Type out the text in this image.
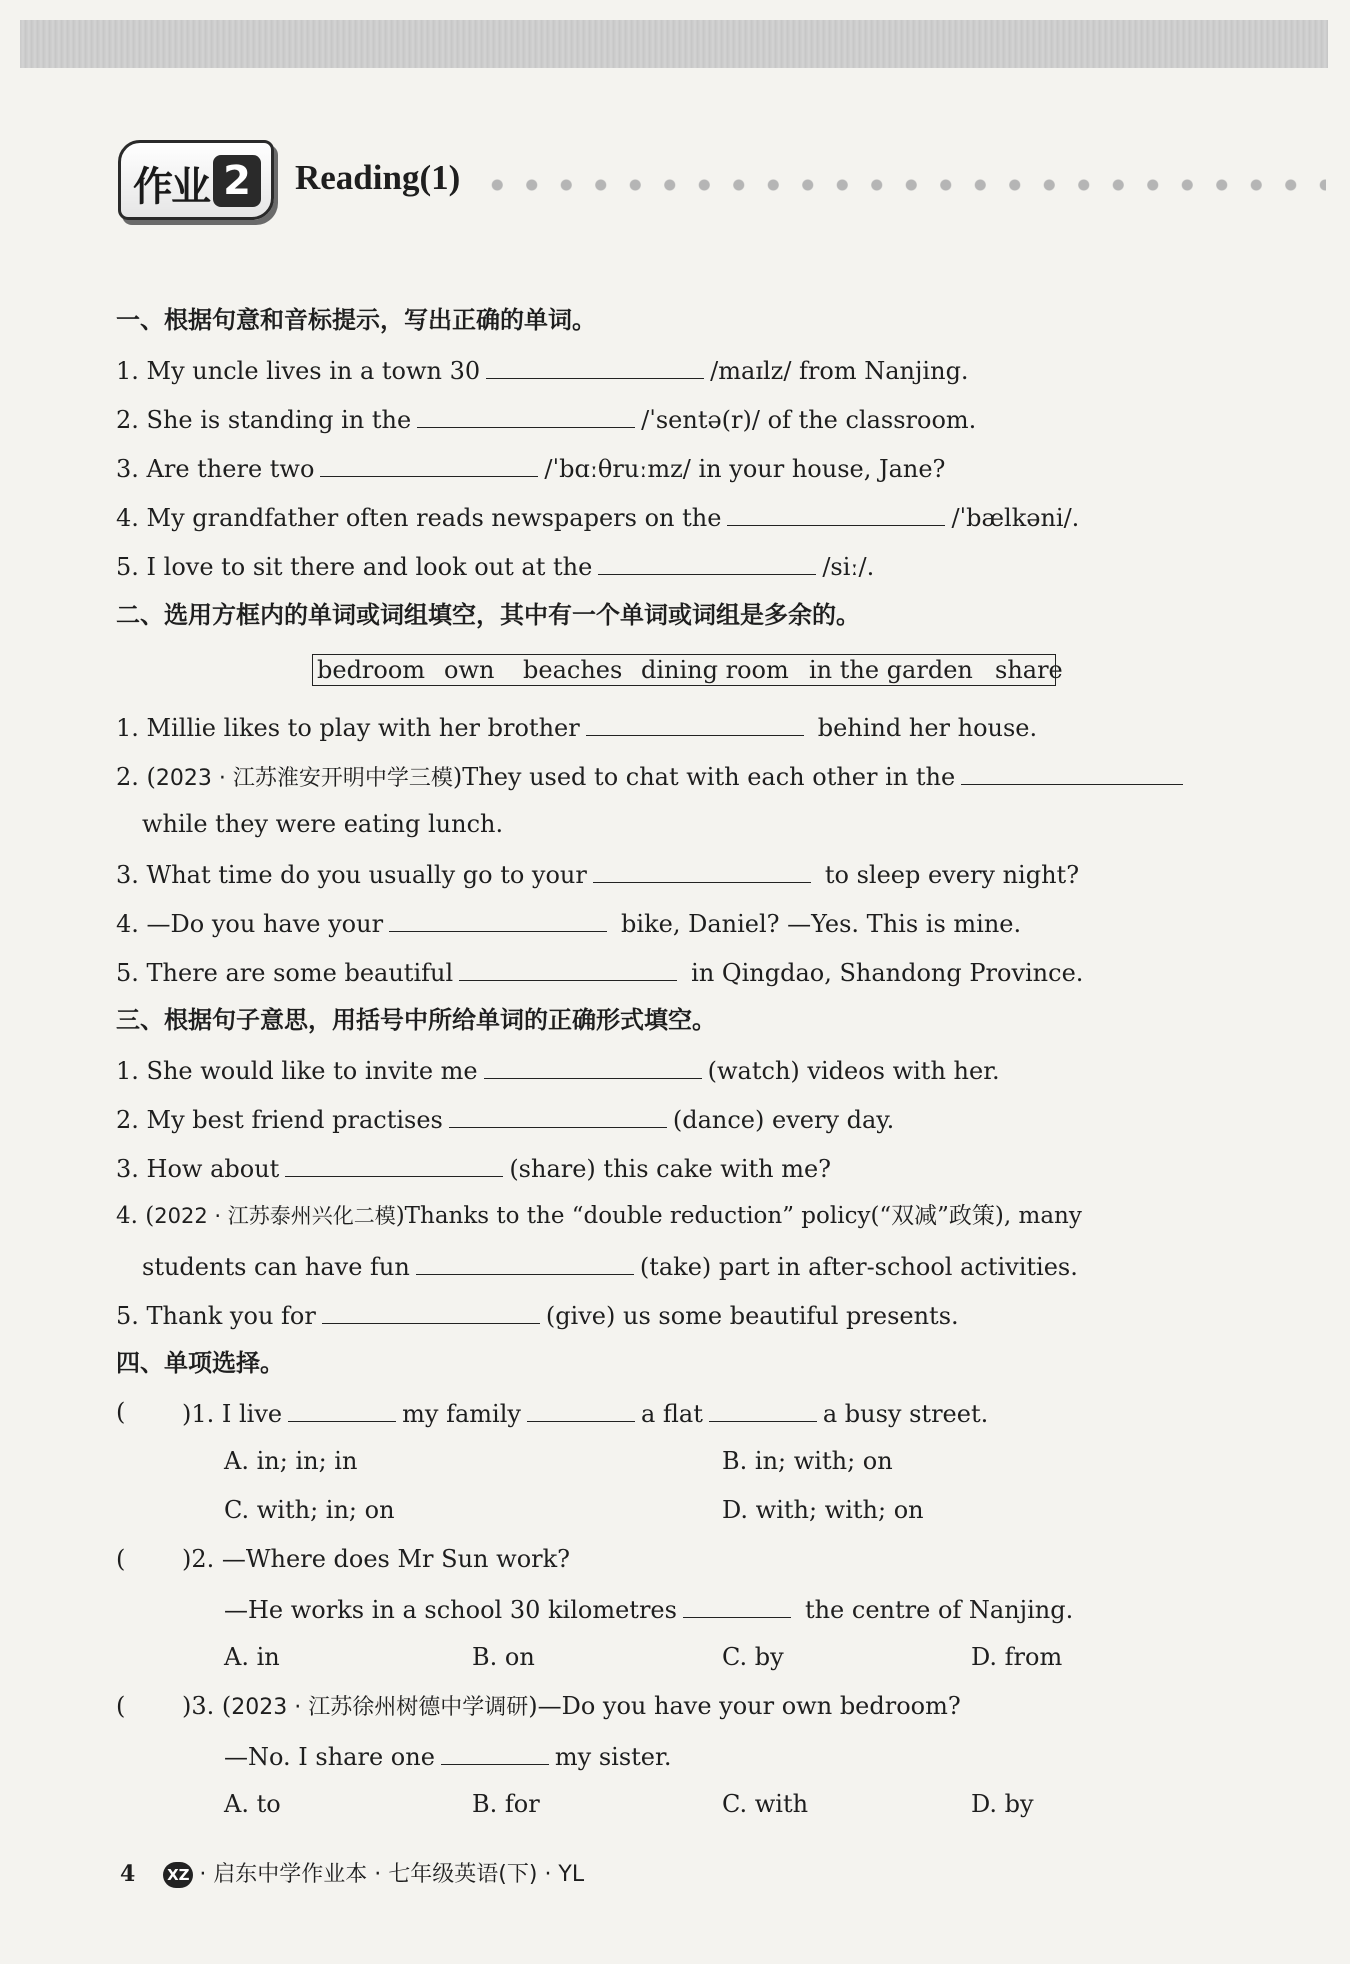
作业 2 Reading(1)
一、根据句意和音标提示，写出正确的单词。
1. My uncle lives in a town 30	/maɪlz/ from Nanjing.
2. She is standing in the	/ˈsentə(r)/ of the classroom.
3. Are there two	/ˈbɑːθruːmz/ in your house, Jane?
4. My grandfather often reads newspapers on the	/ˈbælkəni/.
5. I love to sit there and look out at the	/siː/.
二、选用方框内的单词或词组填空，其中有一个单词或词组是多余的。
bedroom own beaches dining room in the garden share
1. Millie likes to play with her brother	behind her house.
2. (2023 · 江苏淮安开明中学三模)They used to chat with each other in the
while they were eating lunch.
3. What time do you usually go to your	to sleep every night?
4. —Do you have your	bike, Daniel? —Yes. This is mine.
5. There are some beautiful	in Qingdao, Shandong Province.
三、根据句子意思，用括号中所给单词的正确形式填空。
1. She would like to invite me	(watch) videos with her.
2. My best friend practises	(dance) every day.
3. How about	(share) this cake with me?
4. (2022 · 江苏泰州兴化二模)Thanks to the “double reduction” policy(“双减”政策), many
students can have fun	(take) part in after-school activities.
5. Thank you for	(give) us some beautiful presents.
四、单项选择。
( )1. I live	my family	a flat	a busy street.
A. in; in; in	B. in; with; on
C. with; in; on	D. with; with; on
( )2. —Where does Mr Sun work?
—He works in a school 30 kilometres	the centre of Nanjing.
A. in	B. on	C. by	D. from
( )3. (2023 · 江苏徐州树德中学调研)—Do you have your own bedroom?
—No. I share one	my sister.
A. to	B. for	C. with	D. by
4 XZ · 启东中学作业本 · 七年级英语(下) · YL
